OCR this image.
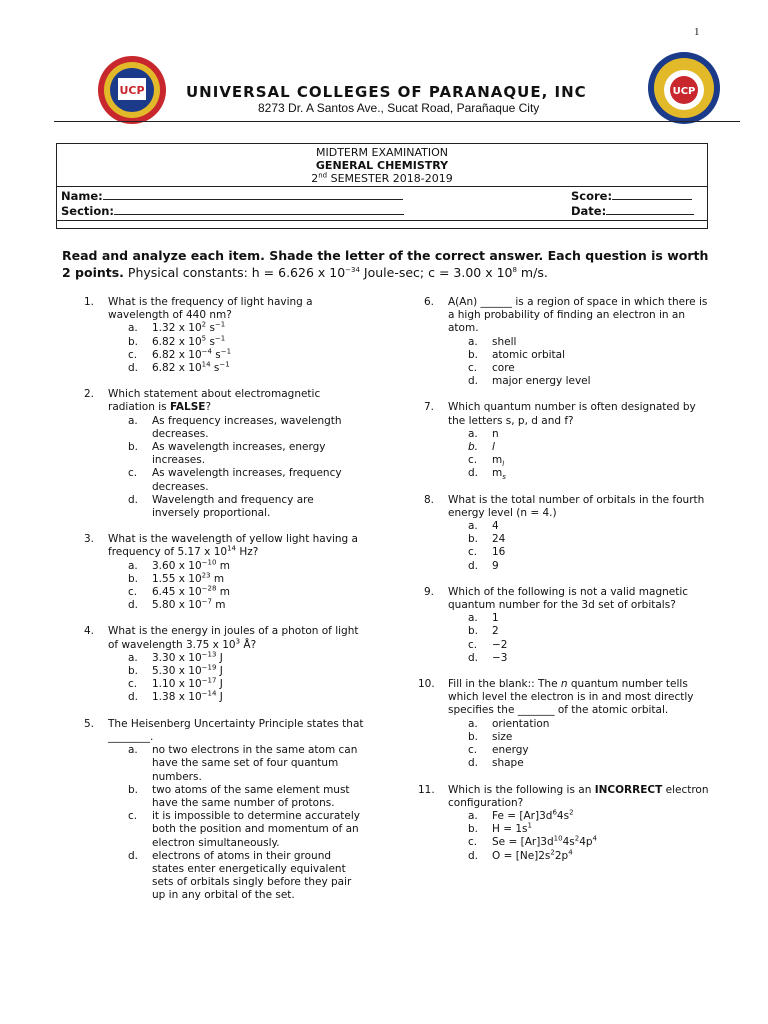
1
UCP	UCP
UNIVERSAL COLLEGES OF PARANAQUE, INC
8273 Dr. A Santos Ave., Sucat Road, Parañaque City
MIDTERM EXAMINATION
GENERAL CHEMISTRY
2nd SEMESTER 2018-2019
Name:
Section:
Score:
Date:
Read and analyze each item. Shade the letter of the correct answer. Each question is worth 2 points. Physical constants: h = 6.626 x $10^{-34}$ Joule-sec; c = 3.00 x $10^8$ m/s.
1. What is the frequency of light having a wavelength of 440 nm?
a. 1.32 x $10^2$ $s^{-1}$
b. 6.82 x $10^5$ $s^{-1}$
c. 6.82 x $10^{-4}$ $s^{-1}$
d. 6.82 x $10^{14}$ $s^{-1}$
2. Which statement about electromagnetic radiation is FALSE?
a. As frequency increases, wavelength decreases.
b. As wavelength increases, energy increases.
c. As wavelength increases, frequency decreases.
d. Wavelength and frequency are inversely proportional.
3. What is the wavelength of yellow light having a frequency of 5.17 x $10^{14}$ Hz?
a. 3.60 x $10^{-10}$ m
b. 1.55 x $10^{23}$ m
c. 6.45 x $10^{-28}$ m
d. 5.80 x $10^{-7}$ m
4. What is the energy in joules of a photon of light of wavelength 3.75 x $10^3$ Å?
a. 3.30 x $10^{-13}$ J
b. 5.30 x $10^{-19}$ J
c. 1.10 x $10^{-17}$ J
d. 1.38 x $10^{-14}$ J
5. The Heisenberg Uncertainty Principle states that ________.
a. no two electrons in the same atom can have the same set of four quantum numbers.
b. two atoms of the same element must have the same number of protons.
c. it is impossible to determine accurately both the position and momentum of an electron simultaneously.
d. electrons of atoms in their ground states enter energetically equivalent sets of orbitals singly before they pair up in any orbital of the set.
6. A(An) ______ is a region of space in which there is a high probability of finding an electron in an atom.
a. shell
b. atomic orbital
c. core
d. major energy level
7. Which quantum number is often designated by the letters s, p, d and f?
a. n
b. l
c. $m_l$
d. $m_s$
8. What is the total number of orbitals in the fourth energy level (n = 4.)
a. 4
b. 24
c. 16
d. 9
9. Which of the following is not a valid magnetic quantum number for the 3d set of orbitals?
a. 1
b. 2
c. −2
d. −3
10. Fill in the blank:: The n quantum number tells which level the electron is in and most directly specifies the _______ of the atomic orbital.
a. orientation
b. size
c. energy
d. shape
11. Which is the following is an INCORRECT electron configuration?
a. $Fe = [Ar]3d^64s^2$
b. $H = 1s^1$
c. $Se = [Ar]3d^{10}4s^24p^4$
d. $O = [Ne]2s^22p^4$
